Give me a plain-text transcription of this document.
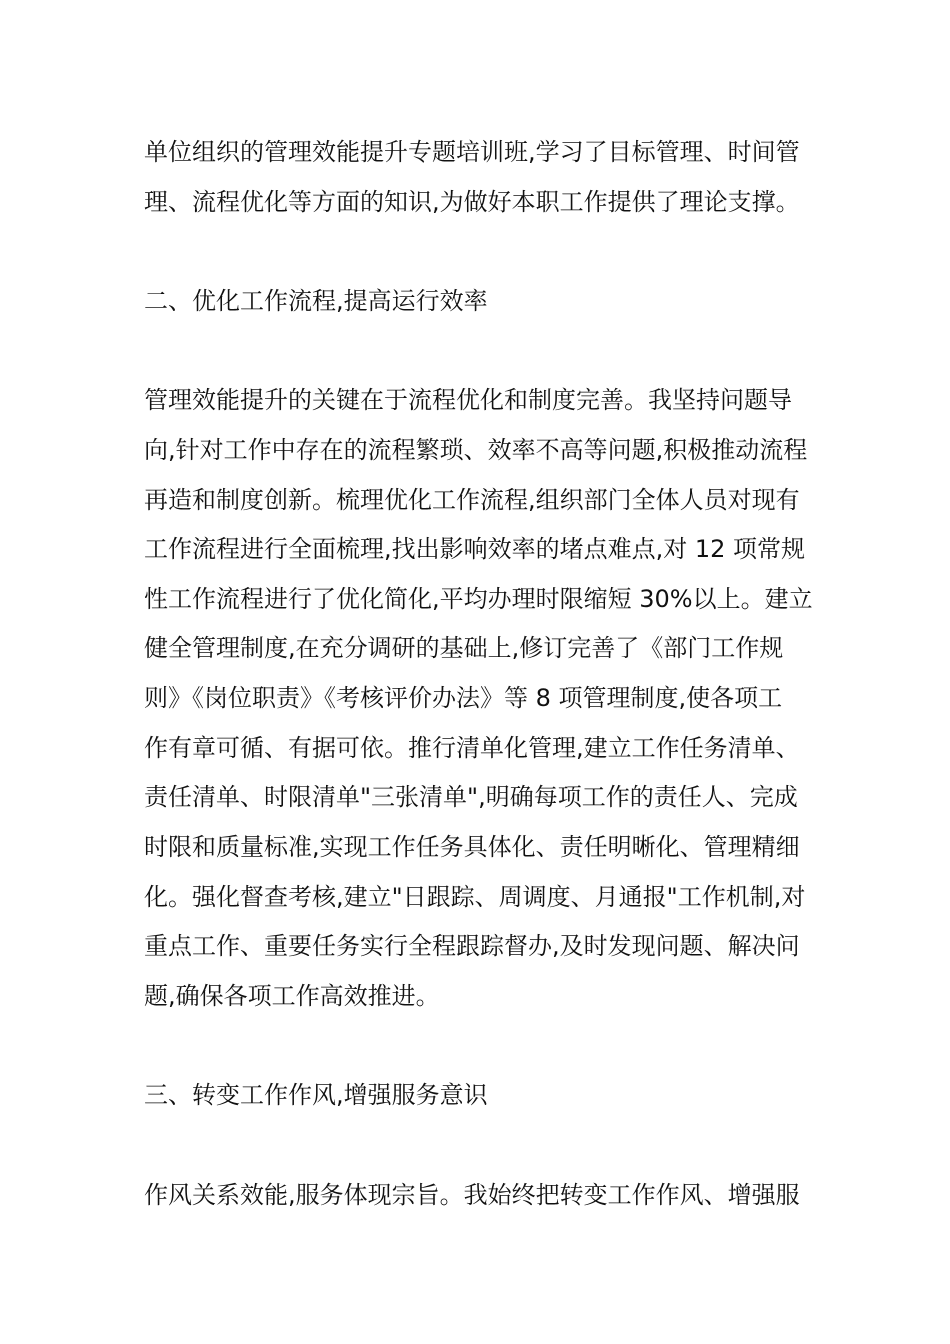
单位组织的管理效能提升专题培训班,学习了目标管理、时间管
理、流程优化等方面的知识,为做好本职工作提供了理论支撑。
二、优化工作流程,提高运行效率
管理效能提升的关键在于流程优化和制度完善。我坚持问题导
向,针对工作中存在的流程繁琐、效率不高等问题,积极推动流程
再造和制度创新。梳理优化工作流程,组织部门全体人员对现有
工作流程进行全面梳理,找出影响效率的堵点难点,对 12 项常规
性工作流程进行了优化简化,平均办理时限缩短 30%以上。建立
健全管理制度,在充分调研的基础上,修订完善了《部门工作规
则》《岗位职责》《考核评价办法》等 8 项管理制度,使各项工
作有章可循、有据可依。推行清单化管理,建立工作任务清单、
责任清单、时限清单"三张清单",明确每项工作的责任人、完成
时限和质量标准,实现工作任务具体化、责任明晰化、管理精细
化。强化督查考核,建立"日跟踪、周调度、月通报"工作机制,对
重点工作、重要任务实行全程跟踪督办,及时发现问题、解决问
题,确保各项工作高效推进。
三、转变工作作风,增强服务意识
作风关系效能,服务体现宗旨。我始终把转变工作作风、增强服
